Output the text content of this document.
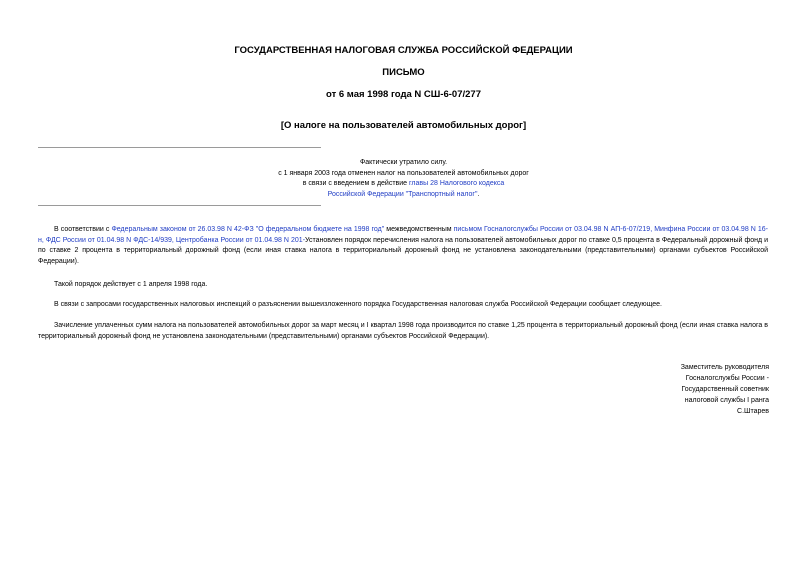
ГОСУДАРСТВЕННАЯ НАЛОГОВАЯ СЛУЖБА РОССИЙСКОЙ ФЕДЕРАЦИИ
ПИСЬМО
от 6 мая 1998 года N СШ-6-07/277
[О налоге на пользователей автомобильных дорог]
Фактически утратило силу.
с 1 января 2003 года отменен налог на пользователей автомобильных дорог
в связи с введением в действие главы 28 Налогового кодекса
Российской Федерации "Транспортный налог".

В соответствии с Федеральным законом от 26.03.98 N 42-ФЗ "О федеральном бюджете на 1998 год" межведомственным письмом Госналогслужбы России от 03.04.98 N АП-6-07/219, Минфина России от 03.04.98 N 16-н, ФДС России от 01.04.98 N ФДС-14/939, Центробанка России от 01.04.98 N 201-Установлен порядок перечисления налога на пользователей автомобильных дорог по ставке 0,5 процента в Федеральный дорожный фонд и по ставке 2 процента в территориальный дорожный фонд (если иная ставка налога в территориальный дорожный фонд не установлена законодательными (представительными) органами субъектов Российской Федерации).

Такой порядок действует с 1 апреля 1998 года.

В связи с запросами государственных налоговых инспекций о разъяснении вышеизложенного порядка Государственная налоговая служба Российской Федерации сообщает следующее.

Зачисление уплаченных сумм налога на пользователей автомобильных дорог за март месяц и I квартал 1998 года производится по ставке 1,25 процента в территориальный дорожный фонд (если иная ставка налога в территориальный дорожный фонд не установлена законодательными (представительными) органами субъектов Российской Федерации).

Заместитель руководителя
Госналогслужбы России -
Государственный советник
налоговой службы I ранга
С.Штарев
